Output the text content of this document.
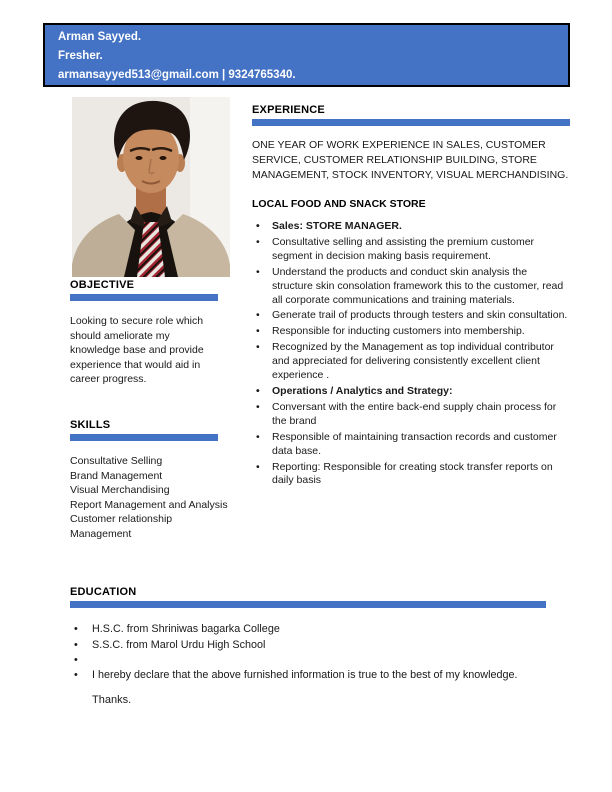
Arman Sayyed.
Fresher.
armansayyed513@gmail.com | 9324765340.
OBJECTIVE

Looking to secure role which should ameliorate my knowledge base and provide experience that would aid in career progress.

SKILLS
Consultative Selling
Brand Management
Visual Merchandising
Report Management and Analysis
Customer relationship Management
EXPERIENCE

ONE YEAR OF WORK EXPERIENCE IN SALES, CUSTOMER SERVICE, CUSTOMER RELATIONSHIP BUILDING, STORE MANAGEMENT, STOCK INVENTORY, VISUAL MERCHANDISING.

LOCAL FOOD AND SNACK STORE
• Sales: STORE MANAGER.
• Consultative selling and assisting the premium customer segment in decision making basis requirement.
• Understand the products and conduct skin analysis the structure skin consolation framework this to the customer, read all corporate communications and training materials.
• Generate trail of products through testers and skin consultation.
• Responsible for inducting customers into membership.
• Recognized by the Management as top individual contributor and appreciated for delivering consistently excellent client experience .
• Operations / Analytics and Strategy:
• Conversant with the entire back-end supply chain process for the brand
• Responsible of maintaining transaction records and customer data base.
• Reporting: Responsible for creating stock transfer reports on daily basis
EDUCATION
• H.S.C. from Shriniwas bagarka College
• S.S.C. from Marol Urdu High School
•
• I hereby declare that the above furnished information is true to the best of my knowledge.

Thanks.
